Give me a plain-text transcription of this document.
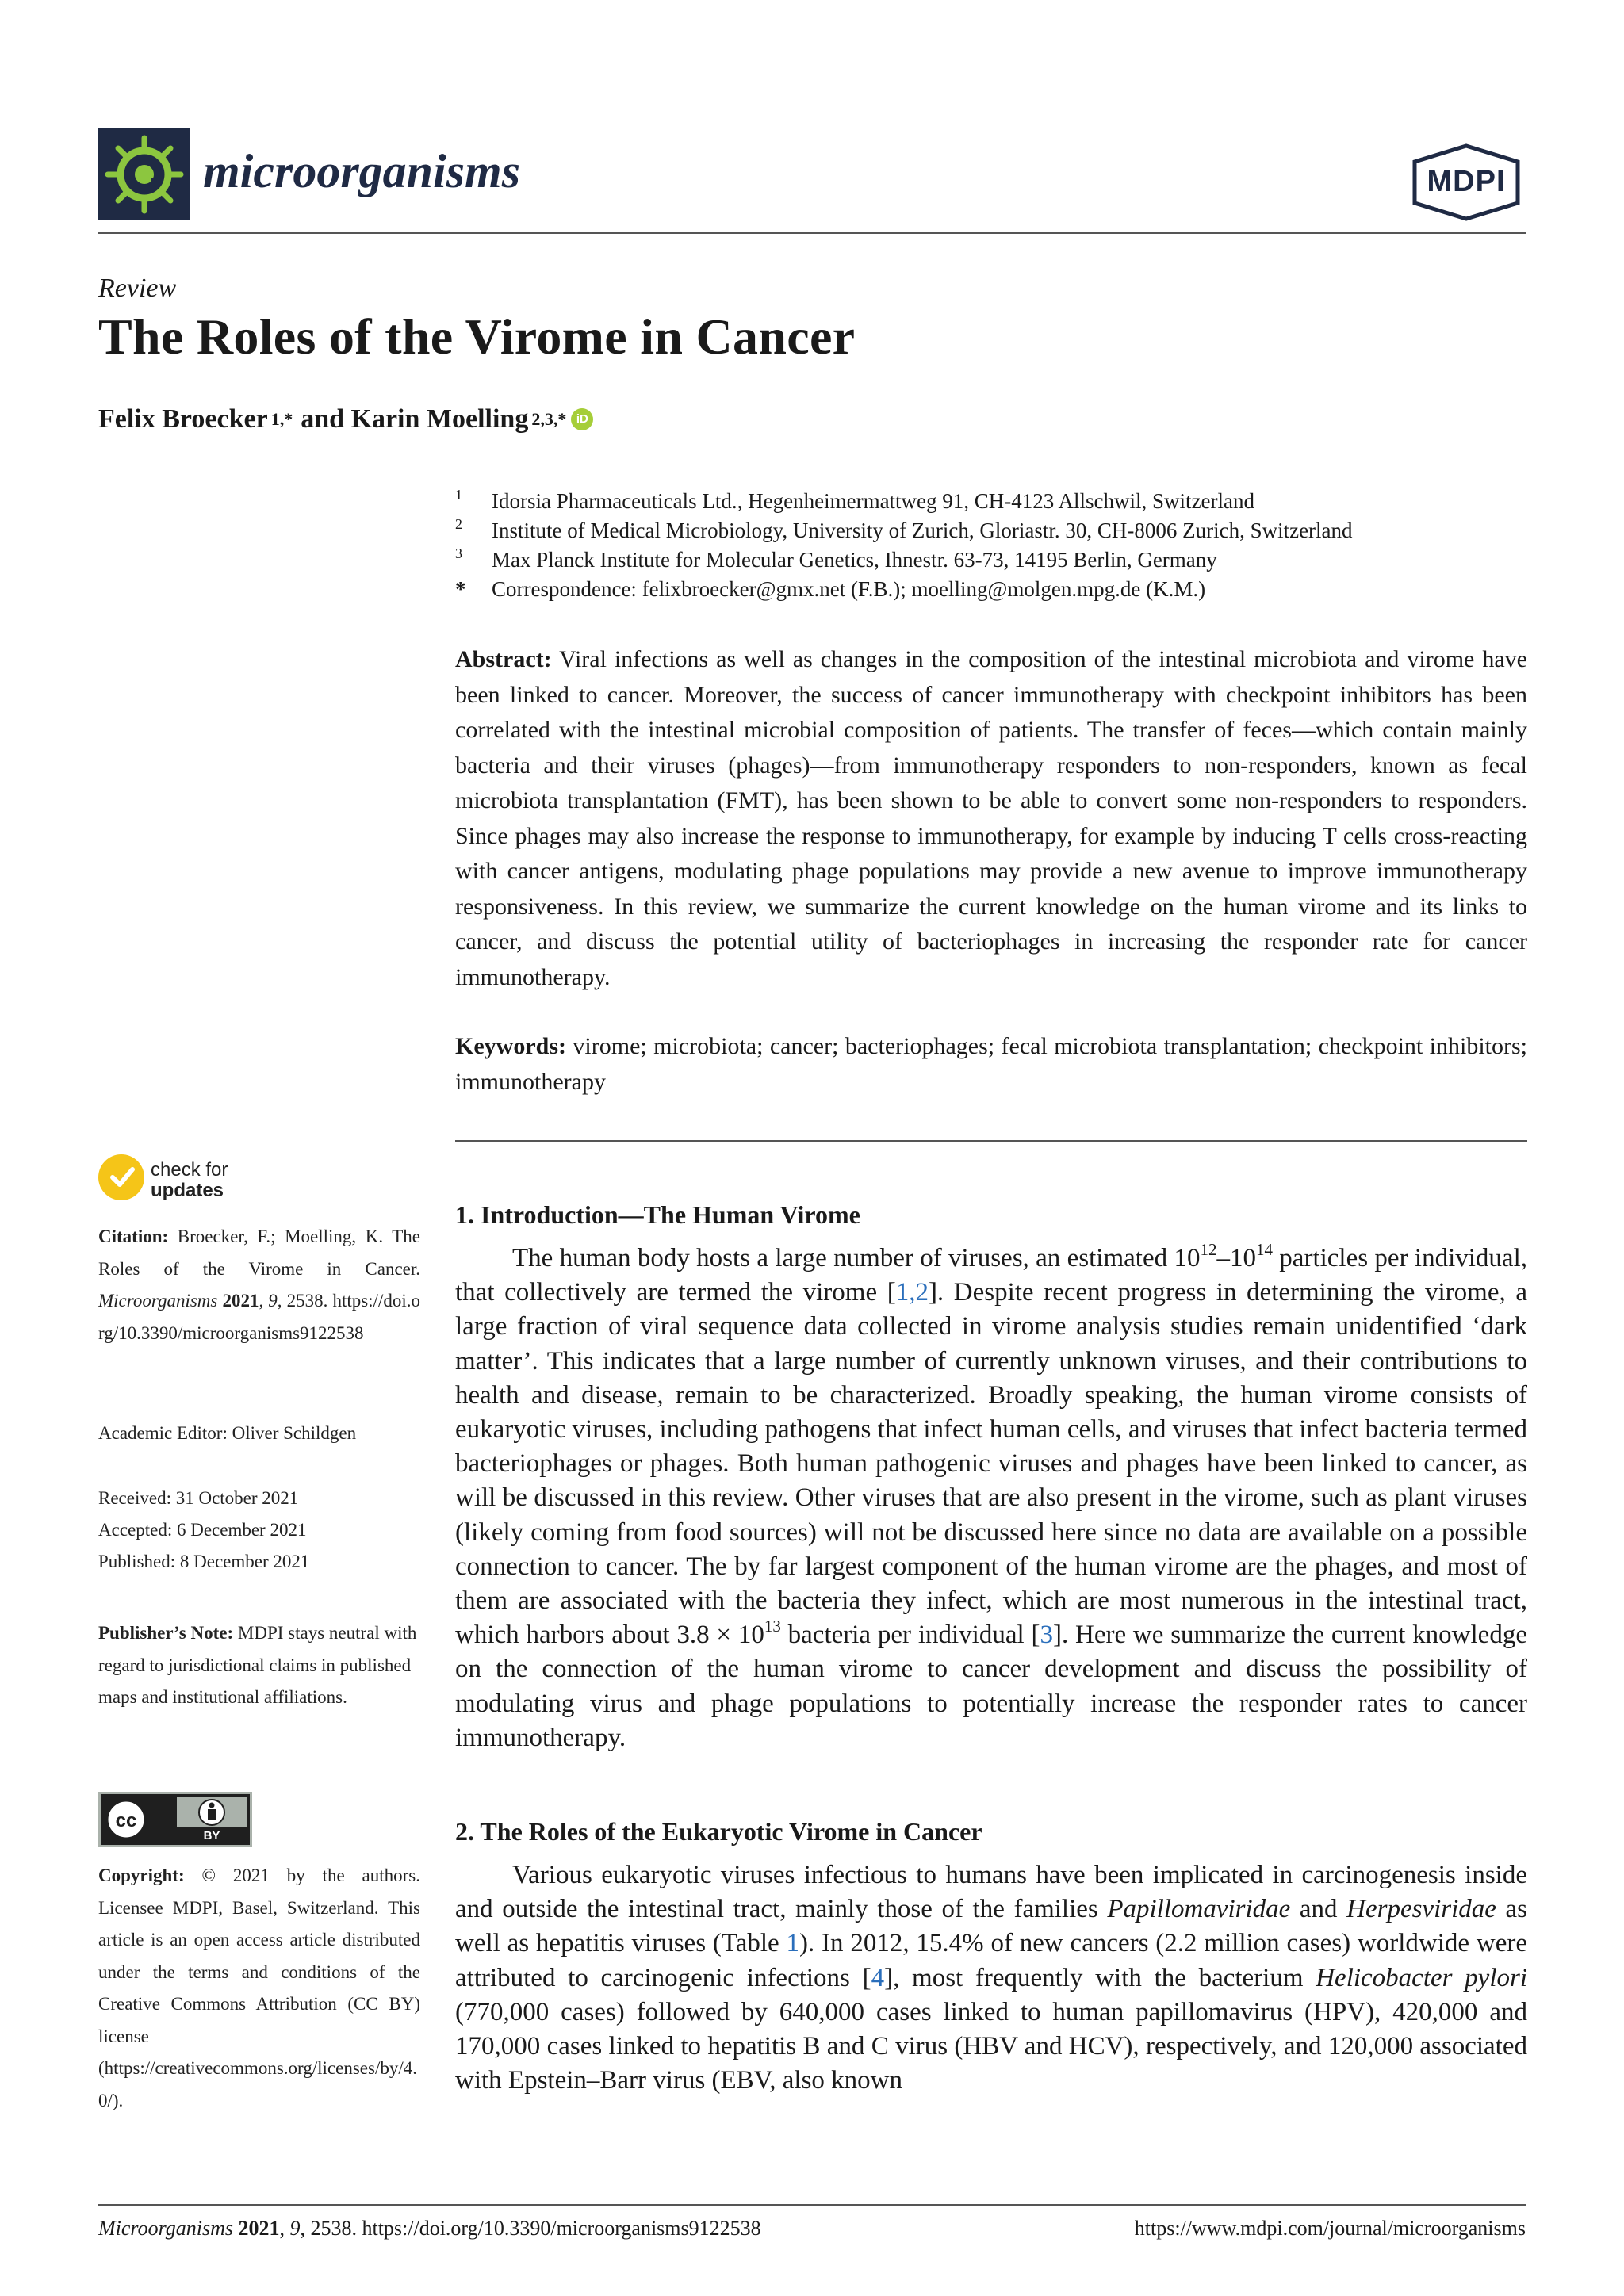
microorganisms	MDPI
Review
The Roles of the Virome in Cancer
Felix Broecker 1,* and Karin Moelling 2,3,* iD
1	Idorsia Pharmaceuticals Ltd., Hegenheimermattweg 91, CH-4123 Allschwil, Switzerland
2	Institute of Medical Microbiology, University of Zurich, Gloriastr. 30, CH-8006 Zurich, Switzerland
3	Max Planck Institute for Molecular Genetics, Ihnestr. 63-73, 14195 Berlin, Germany
*	Correspondence: felixbroecker@gmx.net (F.B.); moelling@molgen.mpg.de (K.M.)
Abstract: Viral infections as well as changes in the composition of the intestinal microbiota and virome have been linked to cancer. Moreover, the success of cancer immunotherapy with checkpoint inhibitors has been correlated with the intestinal microbial composition of patients. The transfer of feces—which contain mainly bacteria and their viruses (phages)—from immunotherapy responders to non-responders, known as fecal microbiota transplantation (FMT), has been shown to be able to convert some non-responders to responders. Since phages may also increase the response to immunotherapy, for example by inducing T cells cross-reacting with cancer antigens, modulating phage populations may provide a new avenue to improve immunotherapy responsiveness. In this review, we summarize the current knowledge on the human virome and its links to cancer, and discuss the potential utility of bacteriophages in increasing the responder rate for cancer immunotherapy.
Keywords: virome; microbiota; cancer; bacteriophages; fecal microbiota transplantation; checkpoint inhibitors; immunotherapy
check for
updates
Citation: Broecker, F.; Moelling, K. The Roles of the Virome in Cancer. Microorganisms 2021, 9, 2538. https://doi.org/10.3390/microorganisms9122538
Academic Editor: Oliver Schildgen
Received: 31 October 2021
Accepted: 6 December 2021
Published: 8 December 2021
Publisher’s Note: MDPI stays neutral with regard to jurisdictional claims in published maps and institutional affiliations.
cc
BY
Copyright: © 2021 by the authors. Licensee MDPI, Basel, Switzerland. This article is an open access article distributed under the terms and conditions of the Creative Commons Attribution (CC BY) license (https://creativecommons.org/licenses/by/4.0/).
1. Introduction—The Human Virome
The human body hosts a large number of viruses, an estimated $10^{12}-10^{14}$ particles per individual, that collectively are termed the virome [1,2]. Despite recent progress in determining the virome, a large fraction of viral sequence data collected in virome analysis studies remain unidentified ‘dark matter’. This indicates that a large number of currently unknown viruses, and their contributions to health and disease, remain to be characterized. Broadly speaking, the human virome consists of eukaryotic viruses, including pathogens that infect human cells, and viruses that infect bacteria termed bacteriophages or phages. Both human pathogenic viruses and phages have been linked to cancer, as will be discussed in this review. Other viruses that are also present in the virome, such as plant viruses (likely coming from food sources) will not be discussed here since no data are available on a possible connection to cancer. The by far largest component of the human virome are the phages, and most of them are associated with the bacteria they infect, which are most numerous in the intestinal tract, which harbors about $3.8 \times 10^{13}$ bacteria per individual [3]. Here we summarize the current knowledge on the connection of the human virome to cancer development and discuss the possibility of modulating virus and phage populations to potentially increase the responder rates to cancer immunotherapy.
2. The Roles of the Eukaryotic Virome in Cancer
Various eukaryotic viruses infectious to humans have been implicated in carcinogenesis inside and outside the intestinal tract, mainly those of the families Papillomaviridae and Herpesviridae as well as hepatitis viruses (Table 1). In 2012, 15.4% of new cancers (2.2 million cases) worldwide were attributed to carcinogenic infections [4], most frequently with the bacterium Helicobacter pylori (770,000 cases) followed by 640,000 cases linked to human papillomavirus (HPV), 420,000 and 170,000 cases linked to hepatitis B and C virus (HBV and HCV), respectively, and 120,000 associated with Epstein–Barr virus (EBV, also known
Microorganisms 2021, 9, 2538. https://doi.org/10.3390/microorganisms9122538	https://www.mdpi.com/journal/microorganisms
